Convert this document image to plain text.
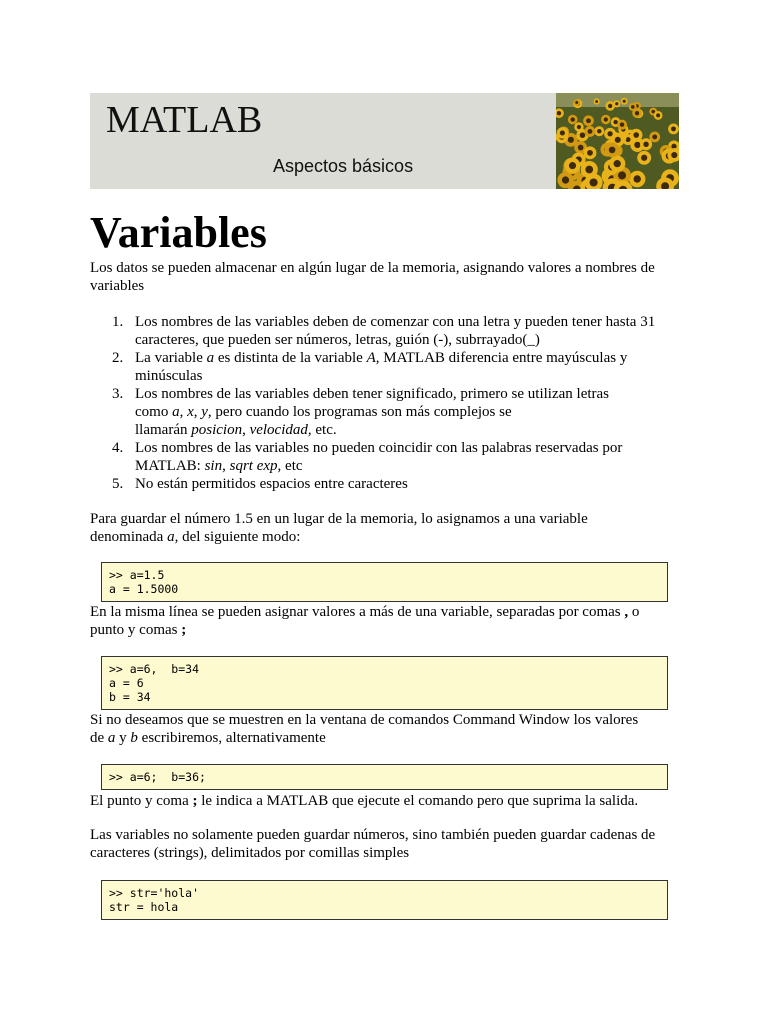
MATLAB
Aspectos básicos
Variables

Los datos se pueden almacenar en algún lugar de la memoria, asignando valores a nombres de variables

1. Los nombres de las variables deben de comenzar con una letra y pueden tener hasta 31
caracteres, que pueden ser números, letras, guión (-), subrrayado(_)
2. La variable a es distinta de la variable A, MATLAB diferencia entre mayúsculas y
minúsculas
3. Los nombres de las variables deben tener significado, primero se utilizan letras
como a, x, y, pero cuando los programas son más complejos se
llamarán posicion, velocidad, etc.
4. Los nombres de las variables no pueden coincidir con las palabras reservadas por
MATLAB: sin, sqrt exp, etc
5. No están permitidos espacios entre caracteres

Para guardar el número 1.5 en un lugar de la memoria, lo asignamos a una variable
denominada a, del siguiente modo:

>> a=1.5
a = 1.5000

En la misma línea se pueden asignar valores a más de una variable, separadas por comas , o
punto y comas ;

>> a=6,  b=34
a = 6
b = 34

Si no deseamos que se muestren en la ventana de comandos Command Window los valores
de a y b escribiremos, alternativamente

>> a=6;  b=36;

El punto y coma ; le indica a MATLAB que ejecute el comando pero que suprima la salida.

Las variables no solamente pueden guardar números, sino también pueden guardar cadenas de
caracteres (strings), delimitados por comillas simples

>> str='hola'
str = hola
